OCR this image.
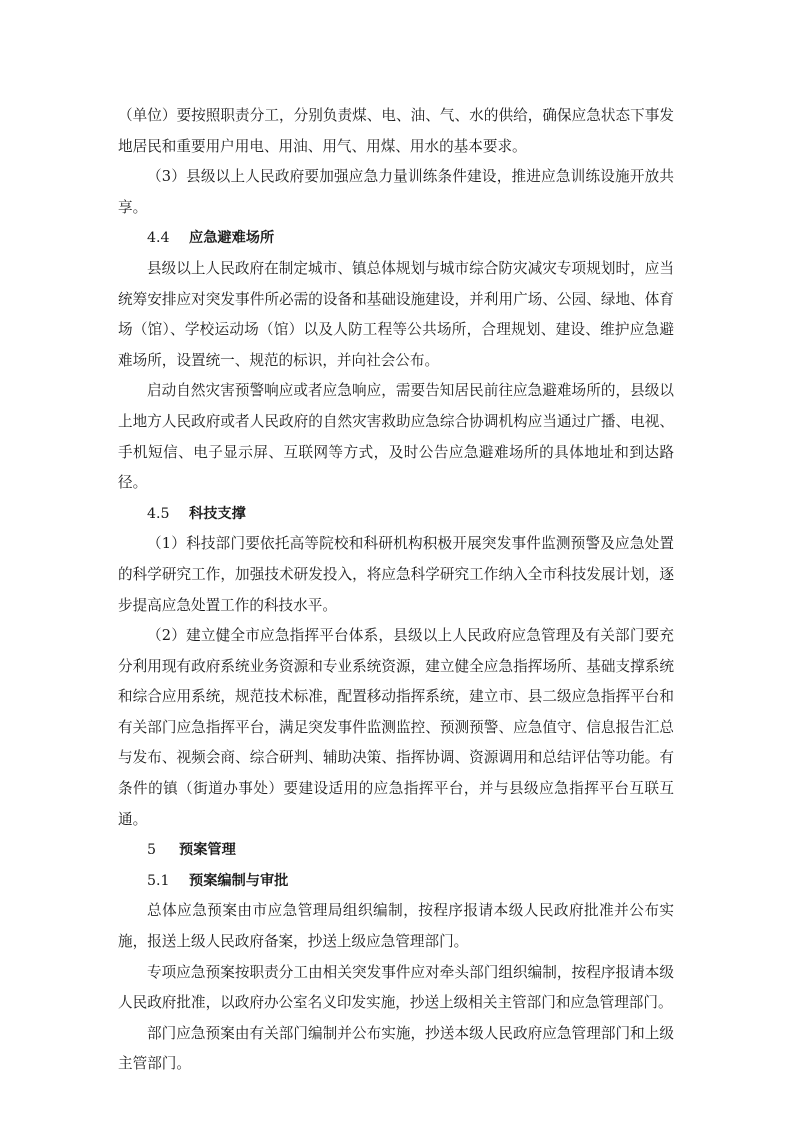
（单位）要按照职责分工，分别负责煤、电、油、气、水的供给，确保应急状态下事发地居民和重要用户用电、用油、用气、用煤、用水的基本要求。

（3）县级以上人民政府要加强应急力量训练条件建设，推进应急训练设施开放共享。

4.4 应急避难场所

县级以上人民政府在制定城市、镇总体规划与城市综合防灾减灾专项规划时，应当统筹安排应对突发事件所必需的设备和基础设施建设，并利用广场、公园、绿地、体育场（馆）、学校运动场（馆）以及人防工程等公共场所，合理规划、建设、维护应急避难场所，设置统一、规范的标识，并向社会公布。

启动自然灾害预警响应或者应急响应，需要告知居民前往应急避难场所的，县级以上地方人民政府或者人民政府的自然灾害救助应急综合协调机构应当通过广播、电视、手机短信、电子显示屏、互联网等方式，及时公告应急避难场所的具体地址和到达路径。

4.5 科技支撑

（1）科技部门要依托高等院校和科研机构积极开展突发事件监测预警及应急处置的科学研究工作，加强技术研发投入，将应急科学研究工作纳入全市科技发展计划，逐步提高应急处置工作的科技水平。

（2）建立健全市应急指挥平台体系，县级以上人民政府应急管理及有关部门要充分利用现有政府系统业务资源和专业系统资源，建立健全应急指挥场所、基础支撑系统和综合应用系统，规范技术标准，配置移动指挥系统，建立市、县二级应急指挥平台和有关部门应急指挥平台，满足突发事件监测监控、预测预警、应急值守、信息报告汇总与发布、视频会商、综合研判、辅助决策、指挥协调、资源调用和总结评估等功能。有条件的镇（街道办事处）要建设适用的应急指挥平台，并与县级应急指挥平台互联互通。

5 预案管理

5.1 预案编制与审批

总体应急预案由市应急管理局组织编制，按程序报请本级人民政府批准并公布实施，报送上级人民政府备案，抄送上级应急管理部门。

专项应急预案按职责分工由相关突发事件应对牵头部门组织编制，按程序报请本级人民政府批准，以政府办公室名义印发实施，抄送上级相关主管部门和应急管理部门。

部门应急预案由有关部门编制并公布实施，抄送本级人民政府应急管理部门和上级主管部门。
